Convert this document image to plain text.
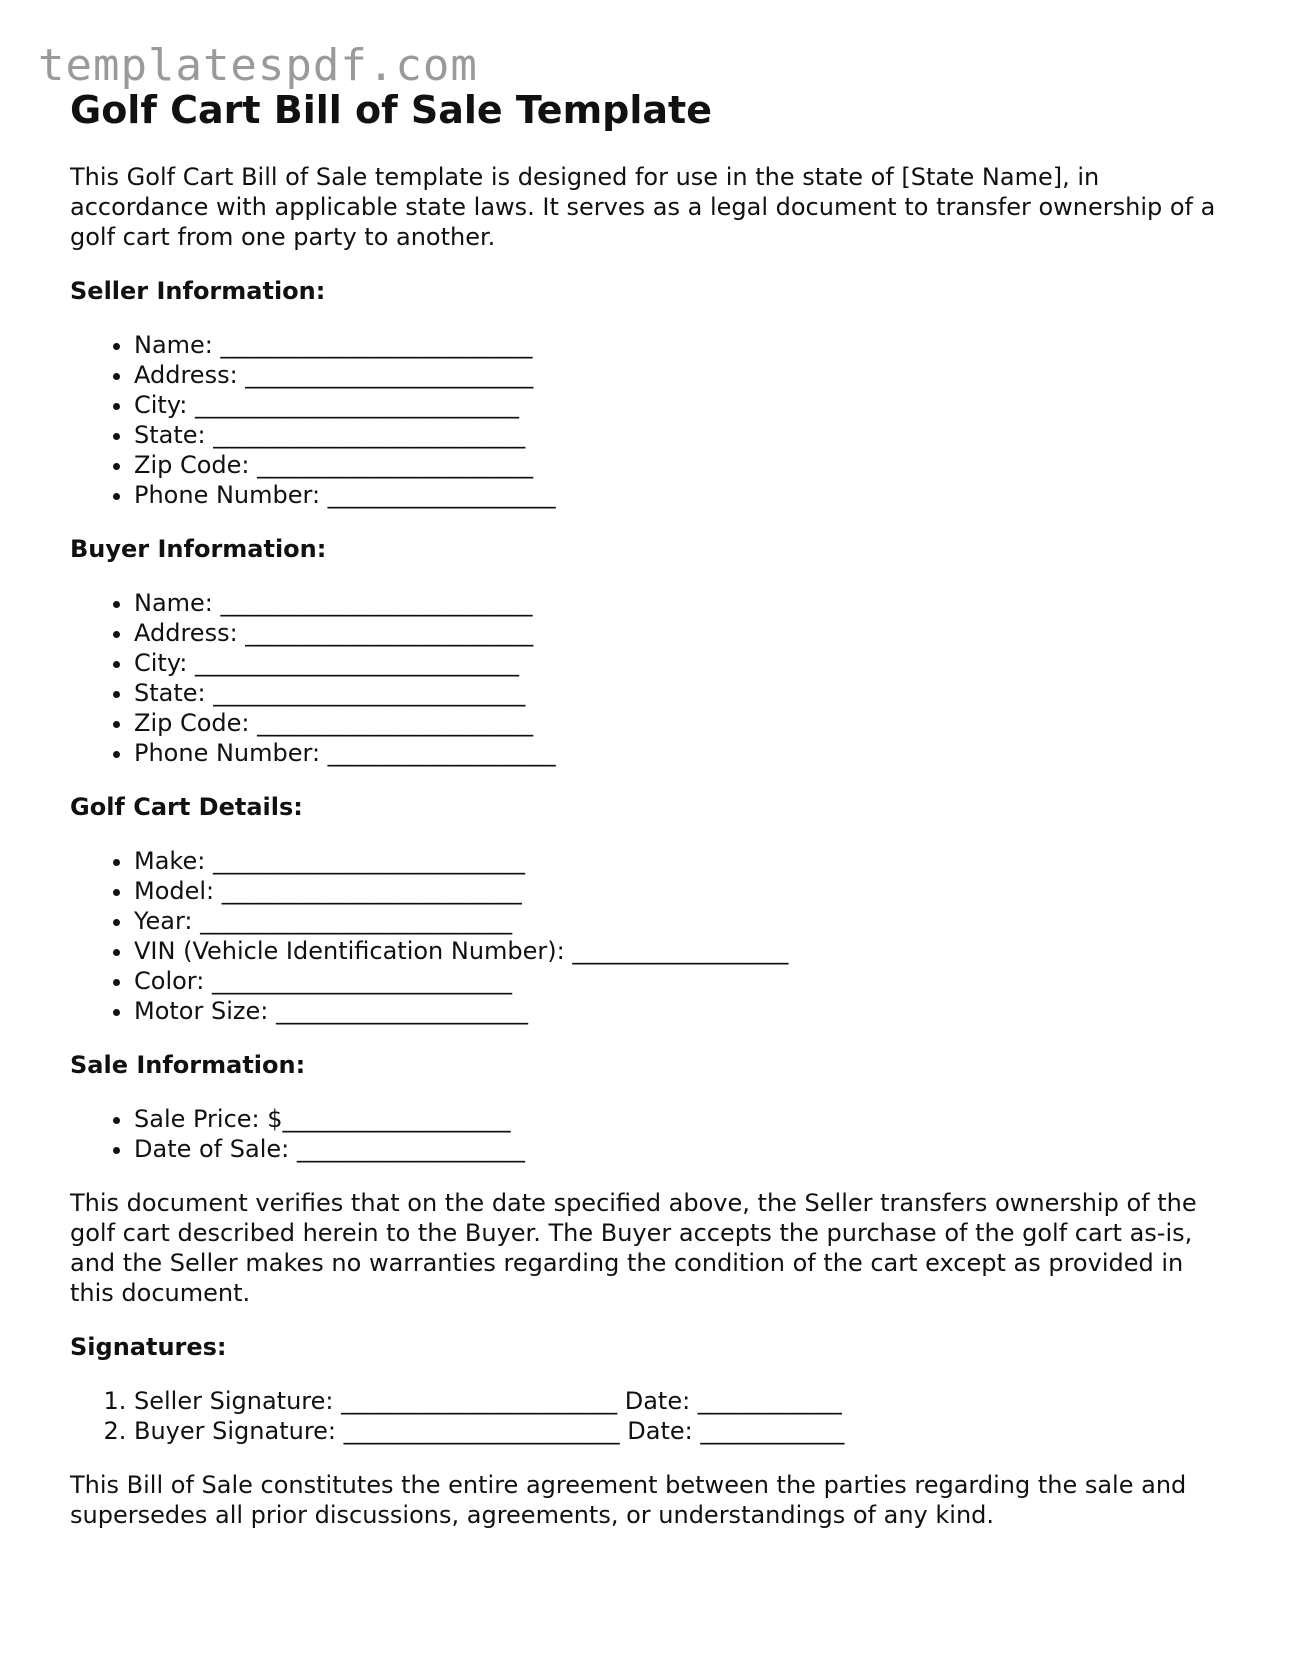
templatespdf.com
Golf Cart Bill of Sale Template

This Golf Cart Bill of Sale template is designed for use in the state of [State Name], in accordance with applicable state laws. It serves as a legal document to transfer ownership of a golf cart from one party to another.

Seller Information:
• Name: __________________________
• Address: ________________________
• City: ___________________________
• State: __________________________
• Zip Code: _______________________
• Phone Number: ___________________
Buyer Information:
• Name: __________________________
• Address: ________________________
• City: ___________________________
• State: __________________________
• Zip Code: _______________________
• Phone Number: ___________________
Golf Cart Details:
• Make: __________________________
• Model: _________________________
• Year: __________________________
• VIN (Vehicle Identification Number): __________________
• Color: _________________________
• Motor Size: _____________________
Sale Information:
• Sale Price: $___________________
• Date of Sale: ___________________

This document verifies that on the date specified above, the Seller transfers ownership of the golf cart described herein to the Buyer. The Buyer accepts the purchase of the golf cart as-is, and the Seller makes no warranties regarding the condition of the cart except as provided in this document.

Signatures:
1. Seller Signature: _______________________ Date: ____________
2. Buyer Signature: _______________________ Date: ____________

This Bill of Sale constitutes the entire agreement between the parties regarding the sale and supersedes all prior discussions, agreements, or understandings of any kind.
